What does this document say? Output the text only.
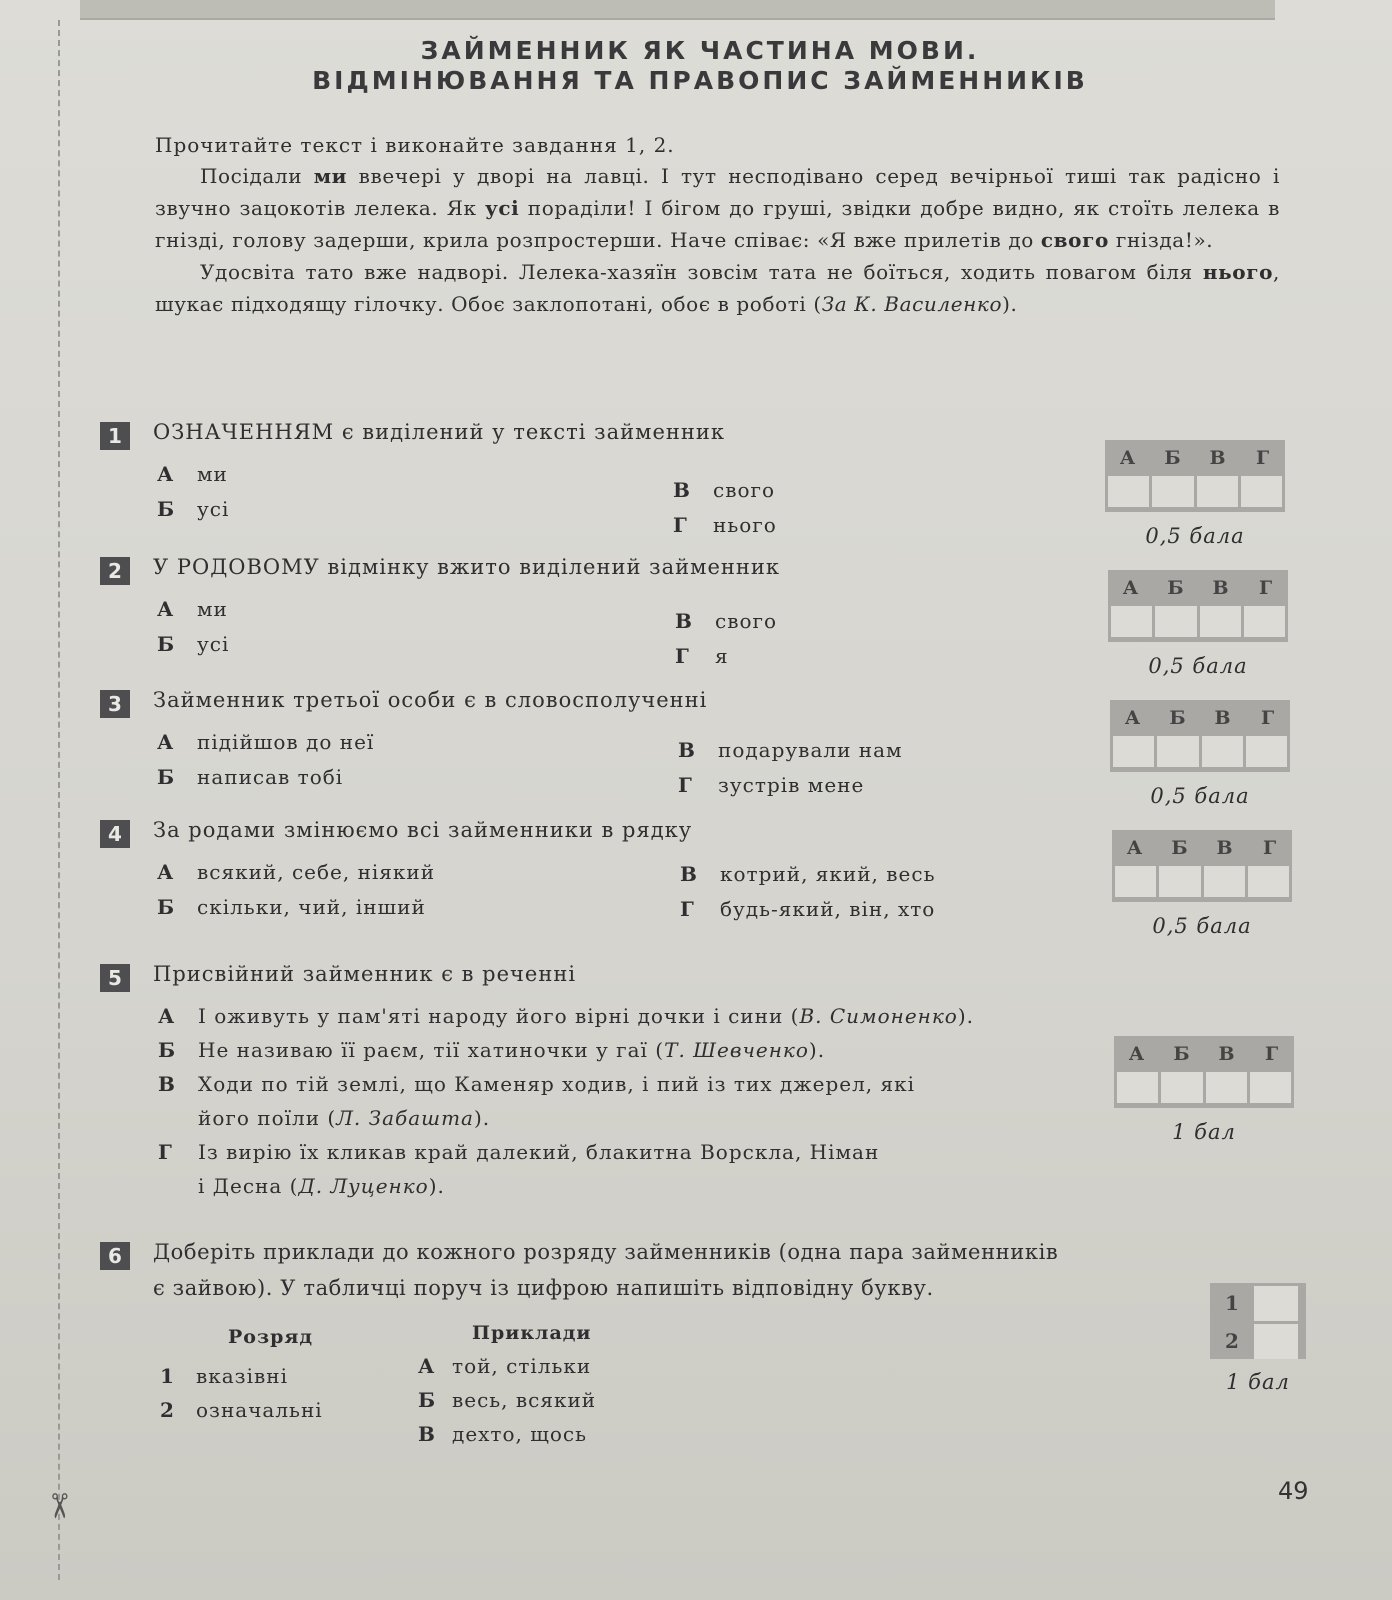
✂
ЗАЙМЕННИК ЯК ЧАСТИНА МОВИ.
ВІДМІНЮВАННЯ ТА ПРАВОПИС ЗАЙМЕННИКІВ
Прочитайте текст і виконайте завдання 1, 2.

Посідали ми ввечері у дворі на лавці. І тут несподівано серед вечірньої тиші так радісно і звучно зацокотів лелека. Як усі пораділи! І бігом до груші, звідки добре видно, як стоїть лелека в гнізді, голову задерши, крила розпростерши. Наче співає: «Я вже прилетів до свого гнізда!».

Удосвіта тато вже надворі. Лелека-хазяїн зовсім тата не боїться, ходить повагом біля нього, шукає підходящу гілочку. Обоє заклопотані, обоє в роботі (За К. Василенко).

1	ОЗНАЧЕННЯМ є виділений у тексті займенник
А ми
Б усі
В свого
Г нього
А	Б	В	Г
0,5 бала
2	У РОДОВОМУ відмінку вжито виділений займенник
А ми
Б усі
В свого
Г я
А	Б	В	Г
0,5 бала
3	Займенник третьої особи є в словосполученні
А підійшов до неї
Б написав тобі
В подарували нам
Г зустрів мене
А	Б	В	Г
0,5 бала
4	За родами змінюємо всі займенники в рядку
А всякий, себе, ніякий
Б скільки, чий, інший
В котрий, який, весь
Г будь-який, він, хто
А	Б	В	Г
0,5 бала
5	Присвійний займенник є в реченні
А І оживуть у пам'яті народу його вірні дочки і сини (В. Симоненко).
Б Не називаю її раєм, тії хатиночки у гаї (Т. Шевченко).
В Ходи по тій землі, що Каменяр ходив, і пий із тих джерел, які
його поїли (Л. Забашта).
Г Із вирію їх кликав край далекий, блакитна Ворскла, Німан
і Десна (Д. Луценко).
А	Б	В	Г
1 бал
6	Доберіть приклади до кожного розряду займенників (одна пара займенників
є зайвою). У табличці поруч із цифрою напишіть відповідну букву.
Розряд	Приклади
1 вказівні
2 означальні
А той, стільки
Б весь, всякий
В дехто, щось
1
2
1 бал
49
